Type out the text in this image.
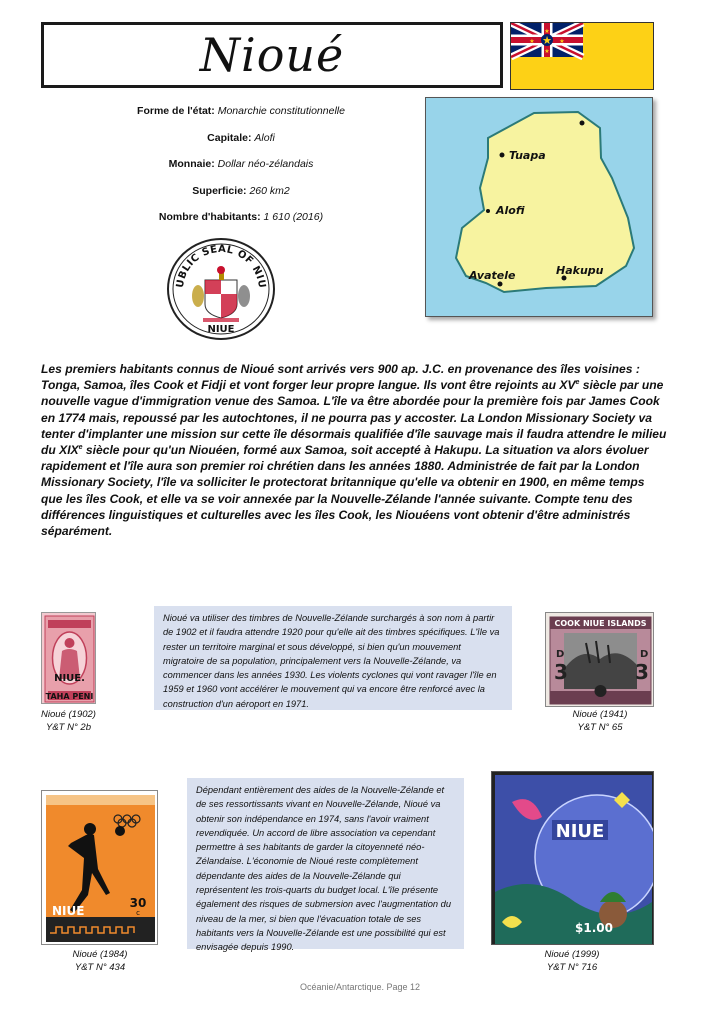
Nioué	★
★
★
★	★
Forme de l'état: Monarchie constitutionnelle
Capitale: Alofi
Monnaie: Dollar néo-zélandais
Superficie: 260 km2
Nombre d'habitants: 1 610 (2016)
UBLIC SEAL OF NIU
NIUE
Tuapa
Alofi
Avatele	Hakupu
Les premiers habitants connus de Nioué sont arrivés vers 900 ap. J.C. en provenance des îles voisines : Tonga, Samoa, îles Cook et Fidji et vont forger leur propre langue. Ils vont être rejoints au XVe siècle par une nouvelle vague d'immigration venue des Samoa. L'île va être abordée pour la première fois par James Cook en 1774 mais, repoussé par les autochtones, il ne pourra pas y accoster. La London Missionary Society va tenter d'implanter une mission sur cette île désormais qualifiée d'île sauvage mais il faudra attendre le milieu du XIXe siècle pour qu'un Niouéen, formé aux Samoa, soit accepté à Hakupu. La situation va alors évoluer rapidement et l'île aura son premier roi chrétien dans les années 1880. Administrée de fait par la London Missionary Society, l'île va solliciter le protectorat britannique qu'elle va obtenir en 1900, en même temps que les îles Cook, et elle va se voir annexée par la Nouvelle-Zélande l'année suivante. Compte tenu des différences linguistiques et culturelles avec les îles Cook, les Niouéens vont obtenir d'être administrés séparément.
NIUE.
TAHA PENI
Nioué (1902)
Y&T N° 2b
Nioué va utiliser des timbres de Nouvelle-Zélande surchargés à son nom à partir de 1902 et il faudra attendre 1920 pour qu'elle ait des timbres spécifiques. L'île va rester un territoire marginal et sous développé, si bien qu'un mouvement migratoire de sa population, principalement vers la Nouvelle-Zélande, va commencer dans les années 1930. Les violents cyclones qui vont ravager l'île en 1959 et 1960 vont accélérer le mouvement qui va encore être renforcé avec la construction d'un aéroport en 1971.
COOK NIUE ISLANDS
D
3
D
3
Nioué (1941)
Y&T N° 65
NIUE
30
c
Nioué (1984)
Y&T N° 434
Dépendant entièrement des aides de la Nouvelle-Zélande et de ses ressortissants vivant en Nouvelle-Zélande, Nioué va obtenir son indépendance en 1974, sans l'avoir vraiment revendiquée. Un accord de libre association va cependant permettre à ses habitants de garder la citoyenneté néo-Zélandaise. L'économie de Nioué reste complètement dépendante des aides de la Nouvelle-Zélande qui représentent les trois-quarts du budget local. L'île présente également des risques de submersion avec l'augmentation du niveau de la mer, si bien que l'évacuation totale de ses habitants vers la Nouvelle-Zélande est une possibilité qui est envisagée depuis 1990.
NIUE
$1.00
Nioué (1999)
Y&T N° 716
Océanie/Antarctique. Page 12
